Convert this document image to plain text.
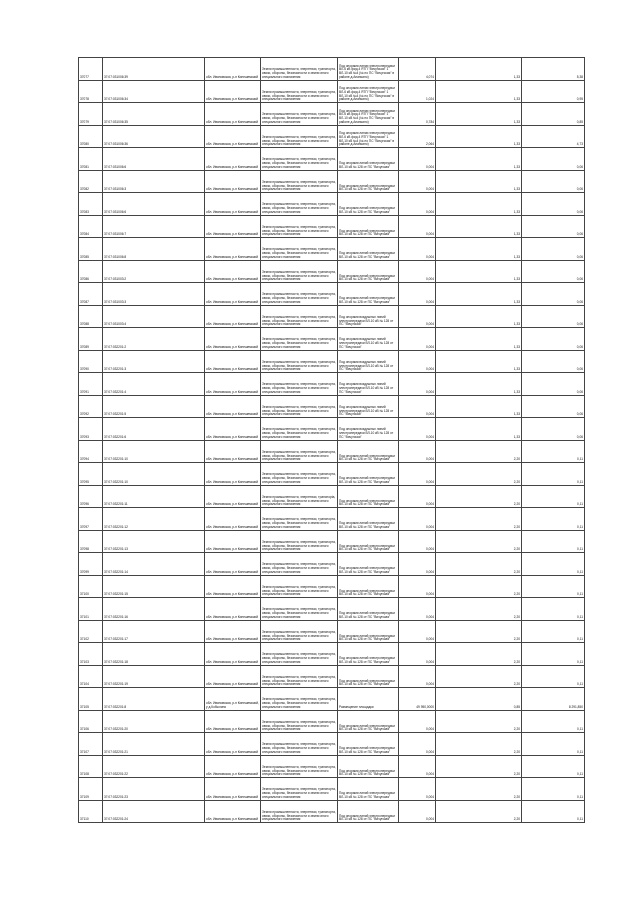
37077	37:07:031006:39	обл. Ивановская, р-н Кинешемский	Земли промышленности, энергетики, транспорта, связи, обороны, безопасности и земли иного специального назначения	Под опорами линии электропередачи ВЛ-6 кВ фид.4 ЯТП "Вичугская" 1 ВЛ-10 кВ №4 (№ по ПС "Вичугская" в районе д.Ананьино)	4,074	1,33	5,38
37078	37:07:031006:34	обл. Ивановская, р-н Кинешемский	Земли промышленности, энергетики, транспорта, связи, обороны, безопасности и земли иного специального назначения	Под опорами линии электропередачи ВЛ-6 кВ фид.4 ЯТП "Вичугская" 1 ВЛ-10 кВ №4 (№ по ПС "Вичугская" в районе д.Ананьино)	1,024	1,33	0,95
37079	37:07:031006:35	обл. Ивановская, р-н Кинешемский	Земли промышленности, энергетики, транспорта, связи, обороны, безопасности и земли иного специального назначения	Под опорами линии электропередачи ВЛ-6 кВ фид.4 ЯТП "Вичугская" 1 ВЛ-10 кВ №4 (№ по ПС "Вичугская" в районе д.Ананьино)	0,784	1,33	0,85
37080	37:07:031006:36	обл. Ивановская, р-н Кинешемский	Земли промышленности, энергетики, транспорта, связи, обороны, безопасности и земли иного специального назначения	Под опорами линии электропередачи ВЛ-6 кВ фид.4 ЯТП "Вичугская" 1 ВЛ-10 кВ №4 (№ по ПС "Вичугская" в районе д.Ананьино)	2,064	1,33	4,73
37081	37:07:031006:6	обл. Ивановская, р-н Кинешемский	Земли промышленности, энергетики, транспорта, связи, обороны, безопасности и земли иного специального назначения	Под опорами линий электропередачи ВЛ-10 кВ № 128 от ПС "Вичугская"	0,004	1,33	0,06
37082	37:07:031006:3	обл. Ивановская, р-н Кинешемский	Земли промышленности, энергетики, транспорта, связи, обороны, безопасности и земли иного специального назначения	Под опорами линий электропередачи ВЛ-10 кВ № 128 от ПС "Вичугская"	0,004	1,33	0,06
37083	37:07:031006:6	обл. Ивановская, р-н Кинешемский	Земли промышленности, энергетики, транспорта, связи, обороны, безопасности и земли иного специального назначения	Под опорами линий электропередачи ВЛ-10 кВ № 128 от ПС "Вичугская"	0,004	1,33	0,06
37084	37:07:031006:7	обл. Ивановская, р-н Кинешемский	Земли промышленности, энергетики, транспорта, связи, обороны, безопасности и земли иного специального назначения	Под опорами линий электропередачи ВЛ-10 кВ № 128 от ПС "Вичугская"	0,004	1,33	0,06
37085	37:07:031006:8	обл. Ивановская, р-н Кинешемский	Земли промышленности, энергетики, транспорта, связи, обороны, безопасности и земли иного специального назначения	Под опорами линий электропередачи ВЛ-10 кВ № 128 от ПС "Вичугская"	0,004	1,33	0,06
37086	37:07:031003:2	обл. Ивановская, р-н Кинешемский	Земли промышленности, энергетики, транспорта, связи, обороны, безопасности и земли иного специального назначения	Под опорами линий электропередачи ВЛ-10 кВ № 128 от ПС "Вичугская"	0,004	1,33	0,06
37087	37:07:031003:3	обл. Ивановская, р-н Кинешемский	Земли промышленности, энергетики, транспорта, связи, обороны, безопасности и земли иного специального назначения	Под опорами линий электропередачи ВЛ-10 кВ № 128 от ПС "Вичугская"	0,004	1,33	0,06
37088	37:07:031003:4	обл. Ивановская, р-н Кинешемский	Земли промышленности, энергетики, транспорта, связи, обороны, безопасности и земли иного специального назначения	Под опорами воздушных линий электропередачи ВЛ-10 кВ № 128 от ПС "Вичугская"	0,004	1,33	0,06
37089	37:07:032201:2	обл. Ивановская, р-н Кинешемский	Земли промышленности, энергетики, транспорта, связи, обороны, безопасности и земли иного специального назначения	Под опорами воздушных линий электропередачи ВЛ-10 кВ № 128 от ПС "Вичугская"	0,004	1,33	0,06
37090	37:07:032201:3	обл. Ивановская, р-н Кинешемский	Земли промышленности, энергетики, транспорта, связи, обороны, безопасности и земли иного специального назначения	Под опорами воздушных линий электропередачи ВЛ-10 кВ № 128 от ПС "Вичугская"	0,004	1,33	0,06
37091	37:07:032201:4	обл. Ивановская, р-н Кинешемский	Земли промышленности, энергетики, транспорта, связи, обороны, безопасности и земли иного специального назначения	Под опорами воздушных линий электропередачи ВЛ-10 кВ № 128 от ПС "Вичугская"	0,004	1,33	0,06
37092	37:07:032201:5	обл. Ивановская, р-н Кинешемский	Земли промышленности, энергетики, транспорта, связи, обороны, безопасности и земли иного специального назначения	Под опорами воздушных линий электропередачи ВЛ-10 кВ № 128 от ПС "Вичугская"	0,004	1,33	0,06
37093	37:07:032201:6	обл. Ивановская, р-н Кинешемский	Земли промышленности, энергетики, транспорта, связи, обороны, безопасности и земли иного специального назначения	Под опорами воздушных линий электропередачи ВЛ-10 кВ № 128 от ПС "Вичугская"	0,004	1,33	0,06
37094	37:07:032201:10	обл. Ивановская, р-н Кинешемский	Земли промышленности, энергетики, транспорта, связи, обороны, безопасности и земли иного специального назначения	Под опорами линий электропередачи ВЛ-10 кВ № 128 от ПС "Вичугская"	0,004	2,20	0,11
37095	37:07:032201:10	обл. Ивановская, р-н Кинешемский	Земли промышленности, энергетики, транспорта, связи, обороны, безопасности и земли иного специального назначения	Под опорами линий электропередачи ВЛ-10 кВ № 128 от ПС "Вичугская"	0,004	2,20	0,11
37096	37:07:032201:11	обл. Ивановская, р-н Кинешемский	Земли промышленности, энергетики, транспорta, связи, обороны, безопасности и земли иного специального назначения	Под опорами линий электропередачи ВЛ-10 кВ № 128 от ПС "Вичугская"	0,004	2,20	0,11
37097	37:07:032201:12	обл. Ивановская, р-н Кинешемский	Земли промышленности, энергетики, транспорта, связи, обороны, безопасности и земли иного специального назначения	Под опорами линий электропередачи ВЛ-10 кВ № 128 от ПС "Вичугская"	0,004	2,20	0,11
37098	37:07:032201:13	обл. Ивановская, р-н Кинешемский	Земли промышленности, энергетики, транспорта, связи, обороны, безопасности и земли иного специального назначения	Под опорами линий электропередачи ВЛ-10 кВ № 128 от ПС "Вичугская"	0,004	2,20	0,11
37099	37:07:032201:14	обл. Ивановская, р-н Кинешемский	Земли промышленности, энергетики, транспорта, связи, обороны, безопасности и земли иного специального назначения	Под опорами линий электропередачи ВЛ-10 кВ № 128 от ПС "Вичугская"	0,004	2,20	0,11
37100	37:07:032201:15	обл. Ивановская, р-н Кинешемский	Земли промышленности, энергетики, транспорта, связи, обороны, безопасности и земли иного специального назначения	Под опорами линий электропередачи ВЛ-10 кВ № 128 от ПС "Вичугская"	0,004	2,20	0,11
37101	37:07:032201:16	обл. Ивановская, р-н Кинешемский	Земли промышленности, энергетики, транспорта, связи, обороны, безопасности и земли иного специального назначения	Под опорами линий электропередачи ВЛ-10 кВ № 128 от ПС "Вичугская"	0,004	2,20	0,11
37102	37:07:032201:17	обл. Ивановская, р-н Кинешемский	Земли промышленности, энергетики, транспорта, связи, обороны, безопасности и земли иного специального назначения	Под опорами линий электропередачи ВЛ-10 кВ № 128 от ПС "Вичугская"	0,004	2,20	0,11
37103	37:07:032201:18	обл. Ивановская, р-н Кинешемский	Земли промышленности, энергетики, транспорта, связи, обороны, безопасности и земли иного специального назначения	Под опорами линий электропередачи ВЛ-10 кВ № 128 от ПС "Вичугская"	0,004	2,20	0,11
37104	37:07:032201:19	обл. Ивановская, р-н Кинешемский	Земли промышленности, энергетики, транспорта, связи, обороны, безопасности и земли иного специального назначения	Под опорами линий электропередачи ВЛ-10 кВ № 128 от ПС "Вичугская"	0,004	2,20	0,11
37105	37:07:032201:8	обл. Ивановская, р-н Кинешемский, у д.Кобылино	Земли промышленности, энергетики, транспорта, связи, обороны, безопасности и земли иного специального назначения	Размещение площадки	49 950,0000	0,85	8 291,850
37106	37:07:032201:20	обл. Ивановская, р-н Кинешемский	Земли промышленности, энергетики, транспорта, связи, обороны, безопасности и земли иного специального назначения	Под опорами линий электропередачи ВЛ-10 кВ № 128 от ПС "Вичугская"	0,004	2,20	0,11
37107	37:07:032201:21	обл. Ивановская, р-н Кинешемский	Земли промышленности, энергетики, транспорта, связи, обороны, безопасности и земли иного специального назначения	Под опорами линий электропередачи ВЛ-10 кВ № 128 от ПС "Вичугская"	0,004	2,20	0,11
37108	37:07:032201:22	обл. Ивановская, р-н Кинешемский	Земли промышленности, энергетики, транспорта, связи, обороны, безопасности и земли иного специального назначения	Под опорами линий электропередачи ВЛ-10 кВ № 128 от ПС "Вичугская"	0,004	2,20	0,11
37109	37:07:032201:23	обл. Ивановская, р-н Кинешемский	Земли промышленности, энергетики, транспорта, связи, обороны, безопасности и земли иного специального назначения	Под опорами линий электропередачи ВЛ-10 кВ № 128 от ПС "Вичугская"	0,004	2,20	0,11
37110	37:07:032201:24	обл. Ивановская, р-н Кинешемский	Земли промышленности, энергетики, транспорта, связи, обороны, безопасности и земли иного специального назначения	Под опорами линий электропередачи ВЛ-10 кВ № 128 от ПС "Вичугская"	0,004	2,20	0,11
